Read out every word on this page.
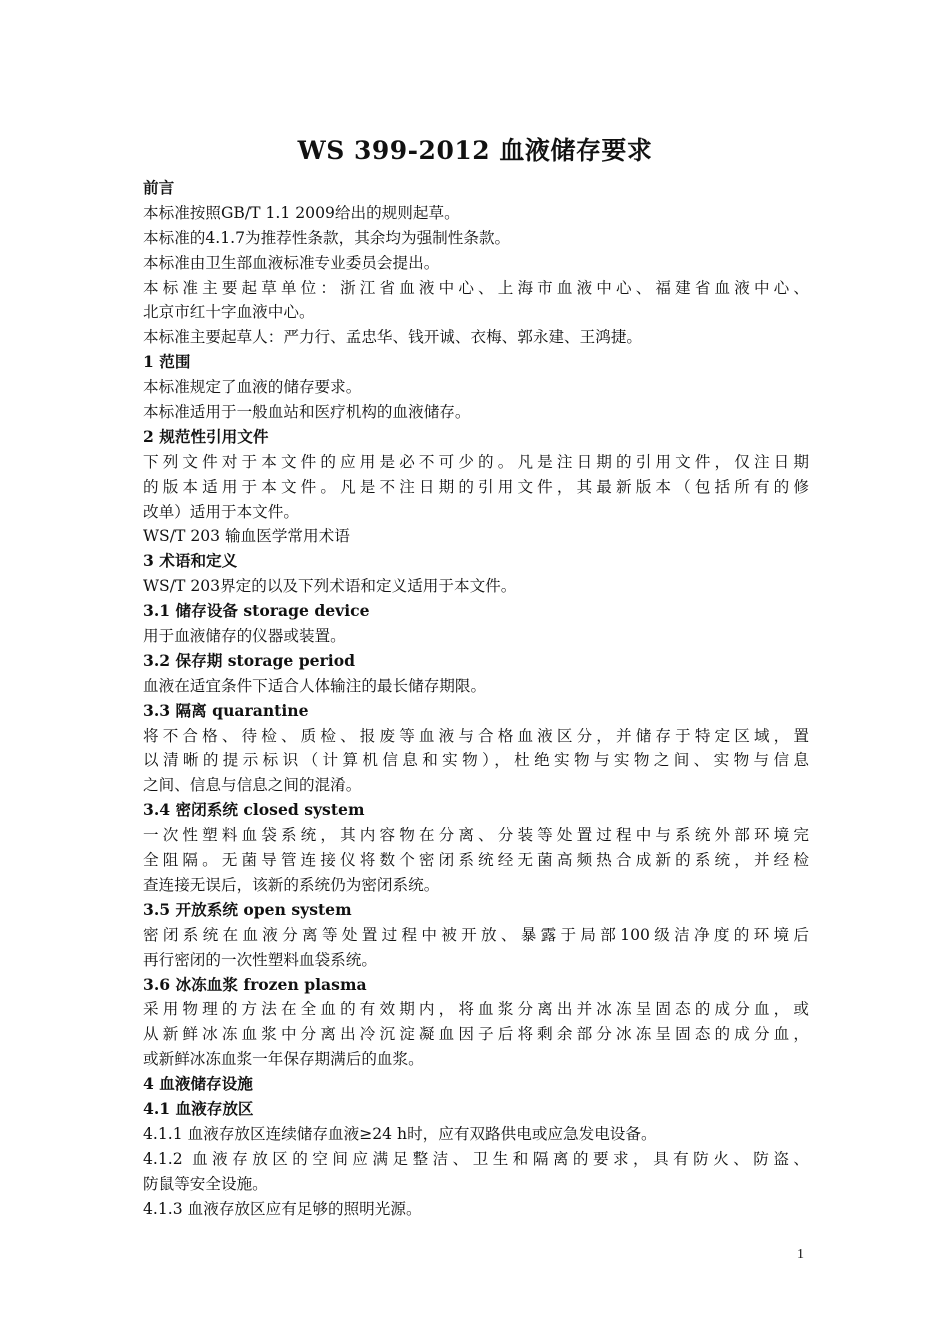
WS 399-2012 血液储存要求
前言
本标准按照GB/T 1.1 2009给出的规则起草。
本标准的4.1.7为推荐性条款，其余均为强制性条款。
本标准由卫生部血液标准专业委员会提出。
本标准主要起草单位：浙江省血液中心、上海市血液中心、福建省血液中心、
北京市红十字血液中心。
本标准主要起草人：严力行、孟忠华、钱开诚、衣梅、郭永建、王鸿捷。
1 范围
本标准规定了血液的储存要求。
本标准适用于一般血站和医疗机构的血液储存。
2 规范性引用文件
下列文件对于本文件的应用是必不可少的。凡是注日期的引用文件，仅注日期
的版本适用于本文件。凡是不注日期的引用文件，其最新版本（包括所有的修
改单）适用于本文件。
WS/T 203 输血医学常用术语
3 术语和定义
WS/T 203界定的以及下列术语和定义适用于本文件。
3.1 储存设备 storage device
用于血液储存的仪器或装置。
3.2 保存期 storage period
血液在适宜条件下适合人体输注的最长储存期限。
3.3 隔离 quarantine
将不合格、待检、质检、报废等血液与合格血液区分，并储存于特定区域，置
以清晰的提示标识（计算机信息和实物），杜绝实物与实物之间、实物与信息
之间、信息与信息之间的混淆。
3.4 密闭系统 closed system
一次性塑料血袋系统，其内容物在分离、分装等处置过程中与系统外部环境完
全阻隔。无菌导管连接仪将数个密闭系统经无菌高频热合成新的系统，并经检
查连接无误后，该新的系统仍为密闭系统。
3.5 开放系统 open system
密闭系统在血液分离等处置过程中被开放、暴露于局部100级洁净度的环境后
再行密闭的一次性塑料血袋系统。
3.6 冰冻血浆 frozen plasma
采用物理的方法在全血的有效期内，将血浆分离出并冰冻呈固态的成分血，或
从新鲜冰冻血浆中分离出冷沉淀凝血因子后将剩余部分冰冻呈固态的成分血，
或新鲜冰冻血浆一年保存期满后的血浆。
4 血液储存设施
4.1 血液存放区
4.1.1 血液存放区连续储存血液≥24 h时，应有双路供电或应急发电设备。
4.1.2 血液存放区的空间应满足整洁、卫生和隔离的要求，具有防火、防盗、
防鼠等安全设施。
4.1.3 血液存放区应有足够的照明光源。
1
